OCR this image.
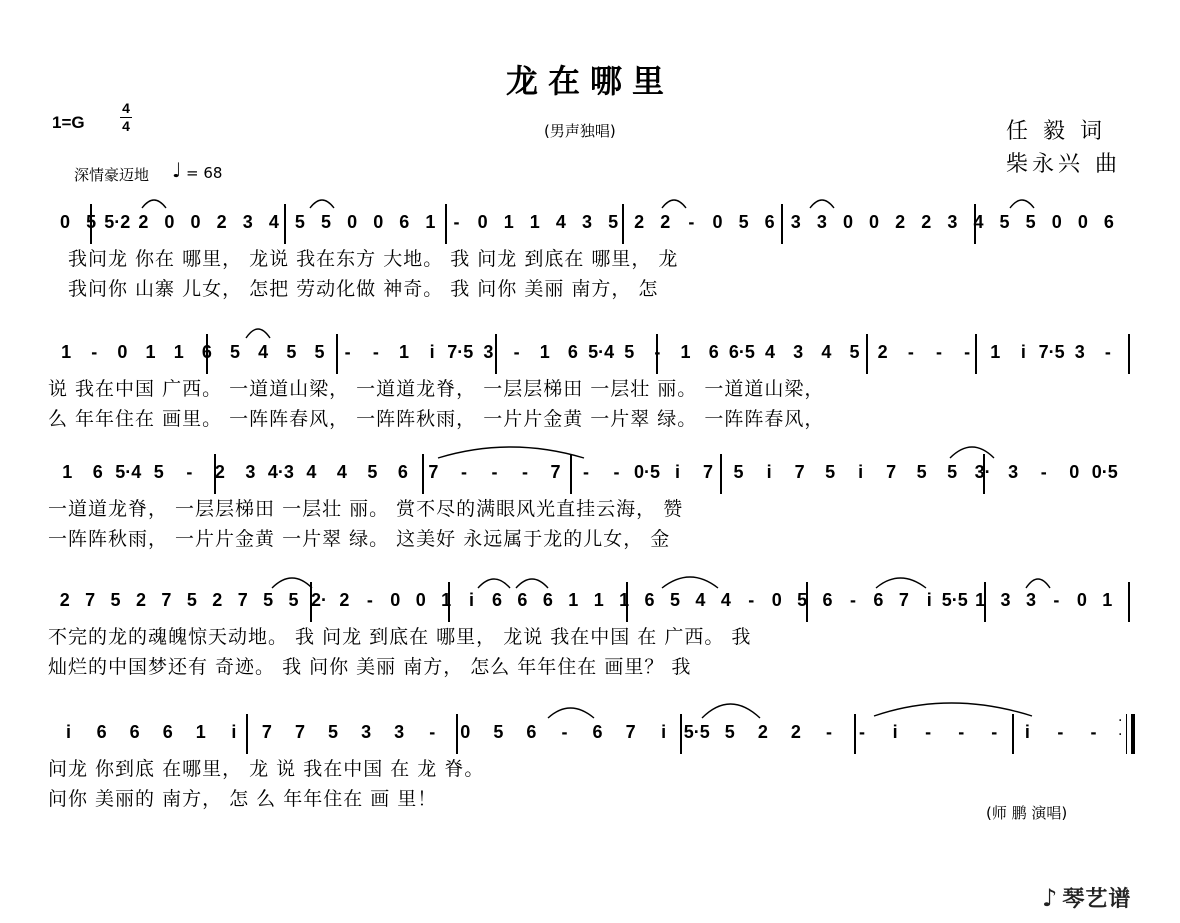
龙在哪里
1=G
4
4	(男声独唱)	任 毅 词
柴永兴 曲
深情豪迈地 ♩ = 68
0 5 5·2 2 0 0 2 3 4 5 5 0 0 6 1 - 0 1 1 4 3 5 2 2 - 0 5 6 3 3 0 0 2 2 3 4 5 5 0 0 6
我问龙 你在 哪里， 龙说 我在东方 大地。 我 问龙 到底在 哪里， 龙
我问你 山寨 儿女， 怎把 劳动化做 神奇。 我 问你 美丽 南方， 怎
1 - 0 1 1 6 5 4 5 5 - - 1 i 7·5 3 - 1 6 5·4 5 - 1 6 6·5 4 3 4 5 2 - - - 1 i 7·5 3 -
说 我在中国 广西。 一道道山梁， 一道道龙脊， 一层层梯田 一层壮 丽。 一道道山梁，
么 年年住在 画里。 一阵阵春风， 一阵阵秋雨， 一片片金黄 一片翠 绿。 一阵阵春风，
1 6 5·4 5 - 2 3 4·3 4 4 5 6 7 - - - 7 - - 0·5 i 7 5 i 7 5 i 7 5 5 3· 3 - 0 0·5
一道道龙脊， 一层层梯田 一层壮 丽。 赏不尽的满眼风光直挂云海， 赞
一阵阵秋雨， 一片片金黄 一片翠 绿。 这美好 永远属于龙的儿女， 金
2 7 5 2 7 5 2 7 5 5 2· 2 - 0 0 1 i 6 6 6 1 1 1 6 5 4 4 - 0 5 6 - 6 7 i 5·5 1 3 3 - 0 1
不完的龙的魂魄惊天动地。 我 问龙 到底在 哪里， 龙说 我在中国 在 广西。 我
灿烂的中国梦还有 奇迹。 我 问你 美丽 南方， 怎么 年年住在 画里？ 我
i 6 6 6 1 i 7 7 5 3 3 - 0 5 6 - 6 7 i 5·5 5 2 2 - - i - - - i - -
·
·
问龙 你到底 在哪里， 龙 说 我在中国 在 龙 脊。
问你 美丽的 南方， 怎 么 年年住在 画 里！
(师 鹏 演唱)
♪ 琴艺谱
